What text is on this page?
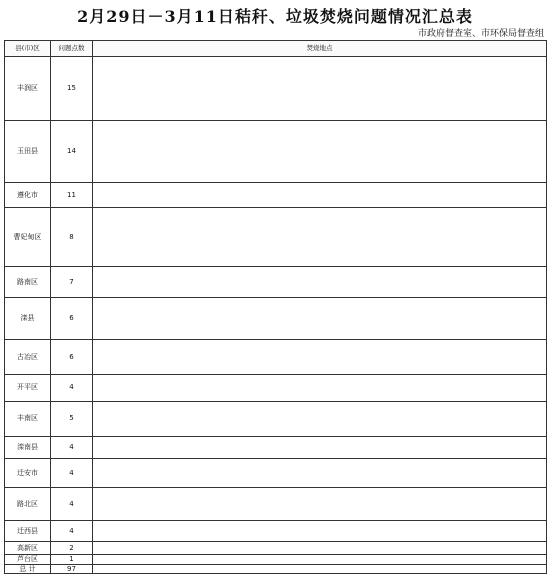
2月29日－3月11日秸秆、垃圾焚烧问题情况汇总表
市政府督查室、市环保局督查组
县(市)区	问题点数	焚烧地点
丰润区	15	
玉田县	14	
遵化市	11	
曹妃甸区	8	
路南区	7	
滦县	6	
古冶区	6	
开平区	4	
丰南区	5	
滦南县	4	
迁安市	4	
路北区	4	
迁西县	4	
高新区	2	
芦台区	1	
总 计	97	
